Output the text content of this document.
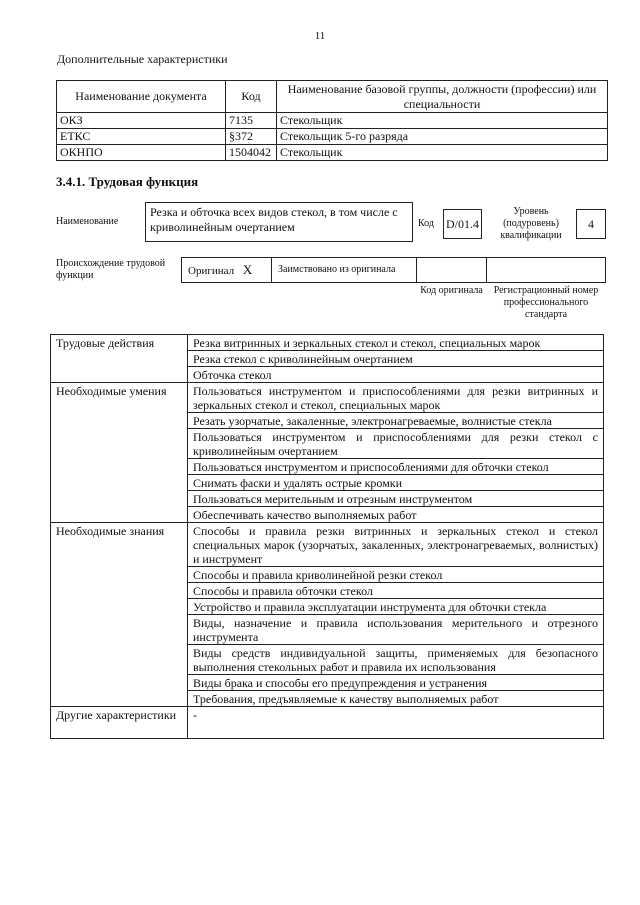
11
Дополнительные характеристики
Наименование документа	Код	Наименование базовой группы, должности (профессии) или специальности
ОКЗ	7135	Стекольщик
ЕТКС	§372	Стекольщик 5-го разряда
ОКНПО	1504042	Стекольщик
3.4.1. Трудовая функция
Наименование
Резка и обточка всех видов стекол, в том числе с криволинейным очертанием	Код D/01.4
Уровень (подуровень) квалификации
4
Происхождение трудовой функции	Оригинал X	Заимствовано из оригинала
Код оригинала	Регистрационный номер профессионального стандарта
Трудовые действия	Резка витринных и зеркальных стекол и стекол, специальных марок
	Резка стекол с криволинейным очертанием
	Обточка стекол
Необходимые умения	Пользоваться инструментом и приспособлениями для резки витринных и зеркальных стекол и стекол, специальных марок
	Резать узорчатые, закаленные, электронагреваемые, волнистые стекла
	Пользоваться инструментом и приспособлениями для резки стекол с криволинейным очертанием
	Пользоваться инструментом и приспособлениями для обточки стекол
	Снимать фаски и удалять острые кромки
	Пользоваться мерительным и отрезным инструментом
	Обеспечивать качество выполняемых работ
Необходимые знания	Способы и правила резки витринных и зеркальных стекол и стекол специальных марок (узорчатых, закаленных, электронагреваемых, волнистых) и инструмент
	Способы и правила криволинейной резки стекол
	Способы и правила обточки стекол
	Устройство и правила эксплуатации инструмента для обточки стекла
	Виды, назначение и правила использования мерительного и отрезного инструмента
	Виды средств индивидуальной защиты, применяемых для безопасного выполнения стекольных работ и правила их использования
	Виды брака и способы его предупреждения и устранения
	Требования, предъявляемые к качеству выполняемых работ
Другие характеристики	-
